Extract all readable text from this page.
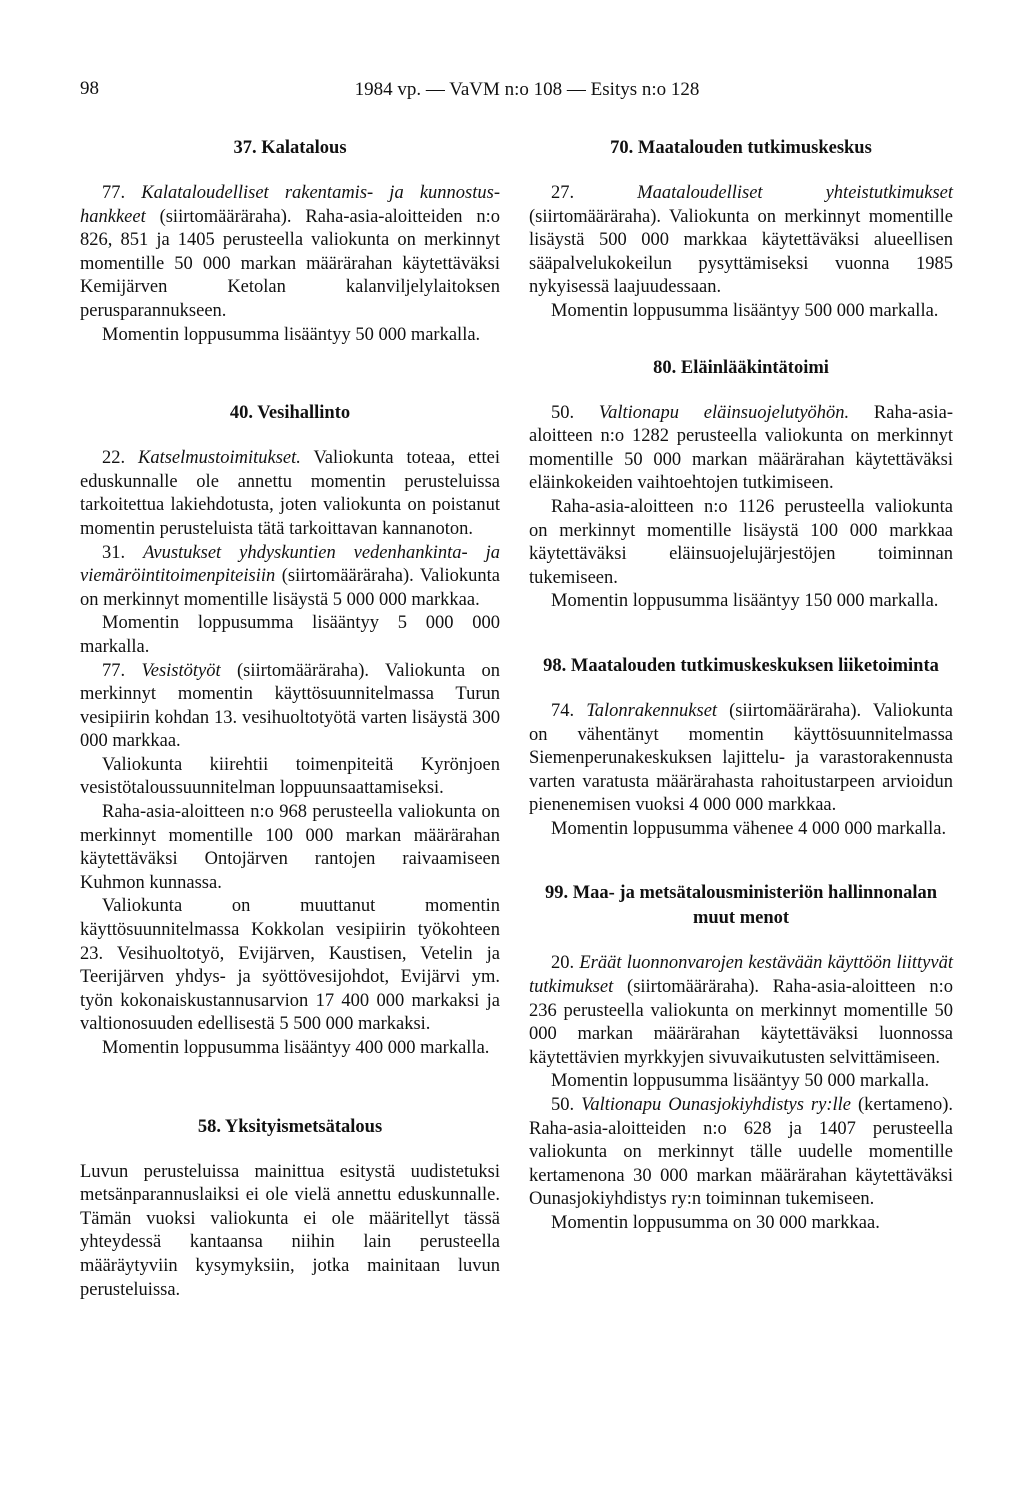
98	1984 vp. — VaVM n:o 108 — Esitys n:o 128
37. Kalatalous

77. Kalataloudelliset rakentamis- ja kunnostus-hankkeet (siirtomääräraha). Raha-asia-aloitteiden n:o 826, 851 ja 1405 perusteella valiokunta on merkinnyt momentille 50 000 markan määrärahan käytettäväksi Kemijärven Ketolan kalanviljelylaitoksen perusparannukseen.

Momentin loppusumma lisääntyy 50 000 markalla.

40. Vesihallinto

22. Katselmustoimitukset. Valiokunta toteaa, ettei eduskunnalle ole annettu momentin perusteluissa tarkoitettua lakiehdotusta, joten valiokunta on poistanut momentin perusteluista tätä tarkoittavan kannanoton.

31. Avustukset yhdyskuntien vedenhankinta- ja viemäröintitoimenpiteisiin (siirtomääräraha). Valiokunta on merkinnyt momentille lisäystä 5 000 000 markkaa.

Momentin loppusumma lisääntyy 5 000 000 markalla.

77. Vesistötyöt (siirtomääräraha). Valiokunta on merkinnyt momentin käyttösuunnitelmassa Turun vesipiirin kohdan 13. vesihuoltotyötä varten lisäystä 300 000 markkaa.

Valiokunta kiirehtii toimenpiteitä Kyrönjoen vesistötaloussuunnitelman loppuunsaattamiseksi.

Raha-asia-aloitteen n:o 968 perusteella valiokunta on merkinnyt momentille 100 000 markan määrärahan käytettäväksi Ontojärven rantojen raivaamiseen Kuhmon kunnassa.

Valiokunta on muuttanut momentin käyttösuunnitelmassa Kokkolan vesipiirin työkohteen 23. Vesihuoltotyö, Evijärven, Kaustisen, Vetelin ja Teerijärven yhdys- ja syöttövesijohdot, Evijärvi ym. työn kokonaiskustannusarvion 17 400 000 markaksi ja valtionosuuden edellisestä 5 500 000 markaksi.

Momentin loppusumma lisääntyy 400 000 markalla.

58. Yksityismetsätalous

Luvun perusteluissa mainittua esitystä uudistetuksi metsänparannuslaiksi ei ole vielä annettu eduskunnalle. Tämän vuoksi valiokunta ei ole määritellyt tässä yhteydessä kantaansa niihin lain perusteella määräytyviin kysymyksiin, jotka mainitaan luvun perusteluissa.

70. Maatalouden tutkimuskeskus

27.	Maataloudelliset yhteistutkimukset (siirtomääräraha). Valiokunta on merkinnyt momentille lisäystä 500 000 markkaa käytettäväksi alueellisen sääpalvelukokeilun pysyttämiseksi vuonna 1985 nykyisessä laajuudessaan.

Momentin loppusumma lisääntyy 500 000 markalla.

80. Eläinlääkintätoimi

50. Valtionapu eläinsuojelutyöhön. Raha-asia-aloitteen n:o 1282 perusteella valiokunta on merkinnyt momentille 50 000 markan määrärahan käytettäväksi eläinkokeiden vaihtoehtojen tutkimiseen.

Raha-asia-aloitteen n:o 1126 perusteella valiokunta on merkinnyt momentille lisäystä 100 000 markkaa käytettäväksi eläinsuojelujärjestöjen toiminnan tukemiseen.

Momentin loppusumma lisääntyy 150 000 markalla.

98. Maatalouden tutkimuskeskuksen liiketoiminta

74. Talonrakennukset (siirtomääräraha). Valiokunta on vähentänyt momentin käyttösuunnitelmassa Siemenperunakeskuksen lajittelu- ja varastorakennusta varten varatusta määrärahasta rahoitustarpeen arvioidun pienenemisen vuoksi 4 000 000 markkaa.

Momentin loppusumma vähenee 4 000 000 markalla.

99. Maa- ja metsätalousministeriön hallinnonalan muut menot

20. Eräät luonnonvarojen kestävään käyttöön liittyvät tutkimukset (siirtomääräraha). Raha-asia-aloitteen n:o 236 perusteella valiokunta on merkinnyt momentille 50 000 markan määrärahan käytettäväksi luonnossa käytettävien myrkkyjen sivuvaikutusten selvittämiseen.

Momentin loppusumma lisääntyy 50 000 markalla.

50. Valtionapu Ounasjokiyhdistys ry:lle (kertameno). Raha-asia-aloitteiden n:o 628 ja 1407 perusteella valiokunta on merkinnyt tälle uudelle momentille kertamenona 30 000 markan määrärahan käytettäväksi Ounasjokiyhdistys ry:n toiminnan tukemiseen.

Momentin loppusumma on 30 000 markkaa.
